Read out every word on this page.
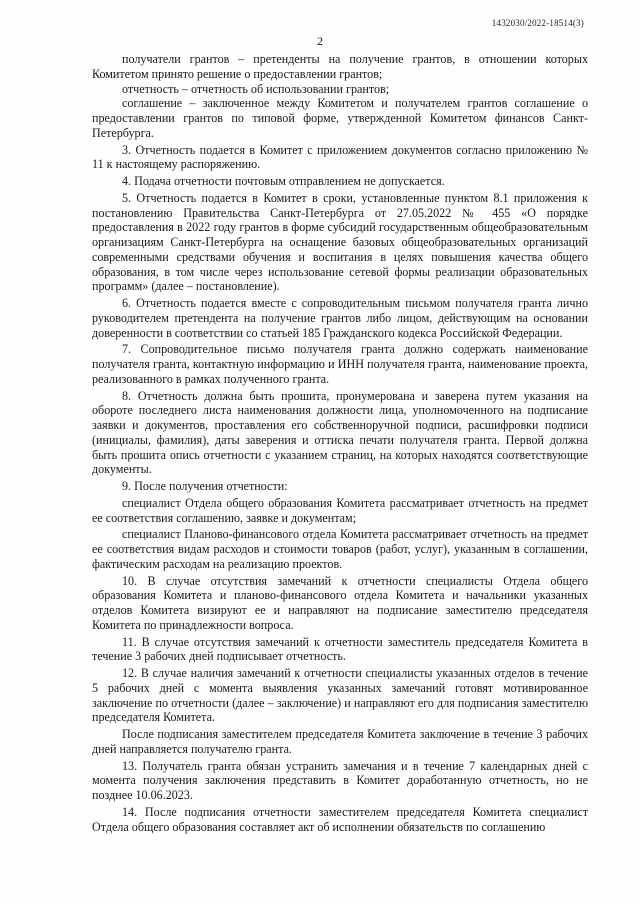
1432030/2022-18514(3)
2

получатели грантов – претенденты на получение грантов, в отношении которых Комитетом принято решение о предоставлении грантов;

отчетность – отчетность об использовании грантов;

соглашение – заключенное между Комитетом и получателем грантов соглашение о предоставлении грантов по типовой форме, утвержденной Комитетом финансов Санкт-Петербурга.

3. Отчетность подается в Комитет с приложением документов согласно приложению № 11 к настоящему распоряжению.

4. Подача отчетности почтовым отправлением не допускается.

5. Отчетность подается в Комитет в сроки, установленные пунктом 8.1 приложения к постановлению Правительства Санкт-Петербурга от 27.05.2022 № 455 «О порядке предоставления в 2022 году грантов в форме субсидий государственным общеобразовательным организациям Санкт-Петербурга на оснащение базовых общеобразовательных организаций современными средствами обучения и воспитания в целях повышения качества общего образования, в том числе через использование сетевой формы реализации образовательных программ» (далее – постановление).

6. Отчетность подается вместе с сопроводительным письмом получателя гранта лично руководителем претендента на получение грантов либо лицом, действующим на основании доверенности в соответствии со статьей 185 Гражданского кодекса Российской Федерации.

7. Сопроводительное письмо получателя гранта должно содержать наименование получателя гранта, контактную информацию и ИНН получателя гранта, наименование проекта, реализованного в рамках полученного гранта.

8. Отчетность должна быть прошита, пронумерована и заверена путем указания на обороте последнего листа наименования должности лица, уполномоченного на подписание заявки и документов, проставления его собственноручной подписи, расшифровки подписи (инициалы, фамилия), даты заверения и оттиска печати получателя гранта. Первой должна быть прошита опись отчетности с указанием страниц, на которых находятся соответствующие документы.

9. После получения отчетности:

специалист Отдела общего образования Комитета рассматривает отчетность на предмет ее соответствия соглашению, заявке и документам;

специалист Планово-финансового отдела Комитета рассматривает отчетность на предмет ее соответствия видам расходов и стоимости товаров (работ, услуг), указанным в соглашении, фактическим расходам на реализацию проектов.

10. В случае отсутствия замечаний к отчетности специалисты Отдела общего образования Комитета и планово-финансового отдела Комитета и начальники указанных отделов Комитета визируют ее и направляют на подписание заместителю председателя Комитета по принадлежности вопроса.

11. В случае отсутствия замечаний к отчетности заместитель председателя Комитета в течение 3 рабочих дней подписывает отчетность.

12. В случае наличия замечаний к отчетности специалисты указанных отделов в течение 5 рабочих дней с момента выявления указанных замечаний готовят мотивированное заключение по отчетности (далее – заключение) и направляют его для подписания заместителю председателя Комитета.

После подписания заместителем председателя Комитета заключение в течение 3 рабочих дней направляется получателю гранта.

13. Получатель гранта обязан устранить замечания и в течение 7 календарных дней с момента получения заключения представить в Комитет доработанную отчетность, но не позднее 10.06.2023.

14. После подписания отчетности заместителем председателя Комитета специалист Отдела общего образования составляет акт об исполнении обязательств по соглашению
